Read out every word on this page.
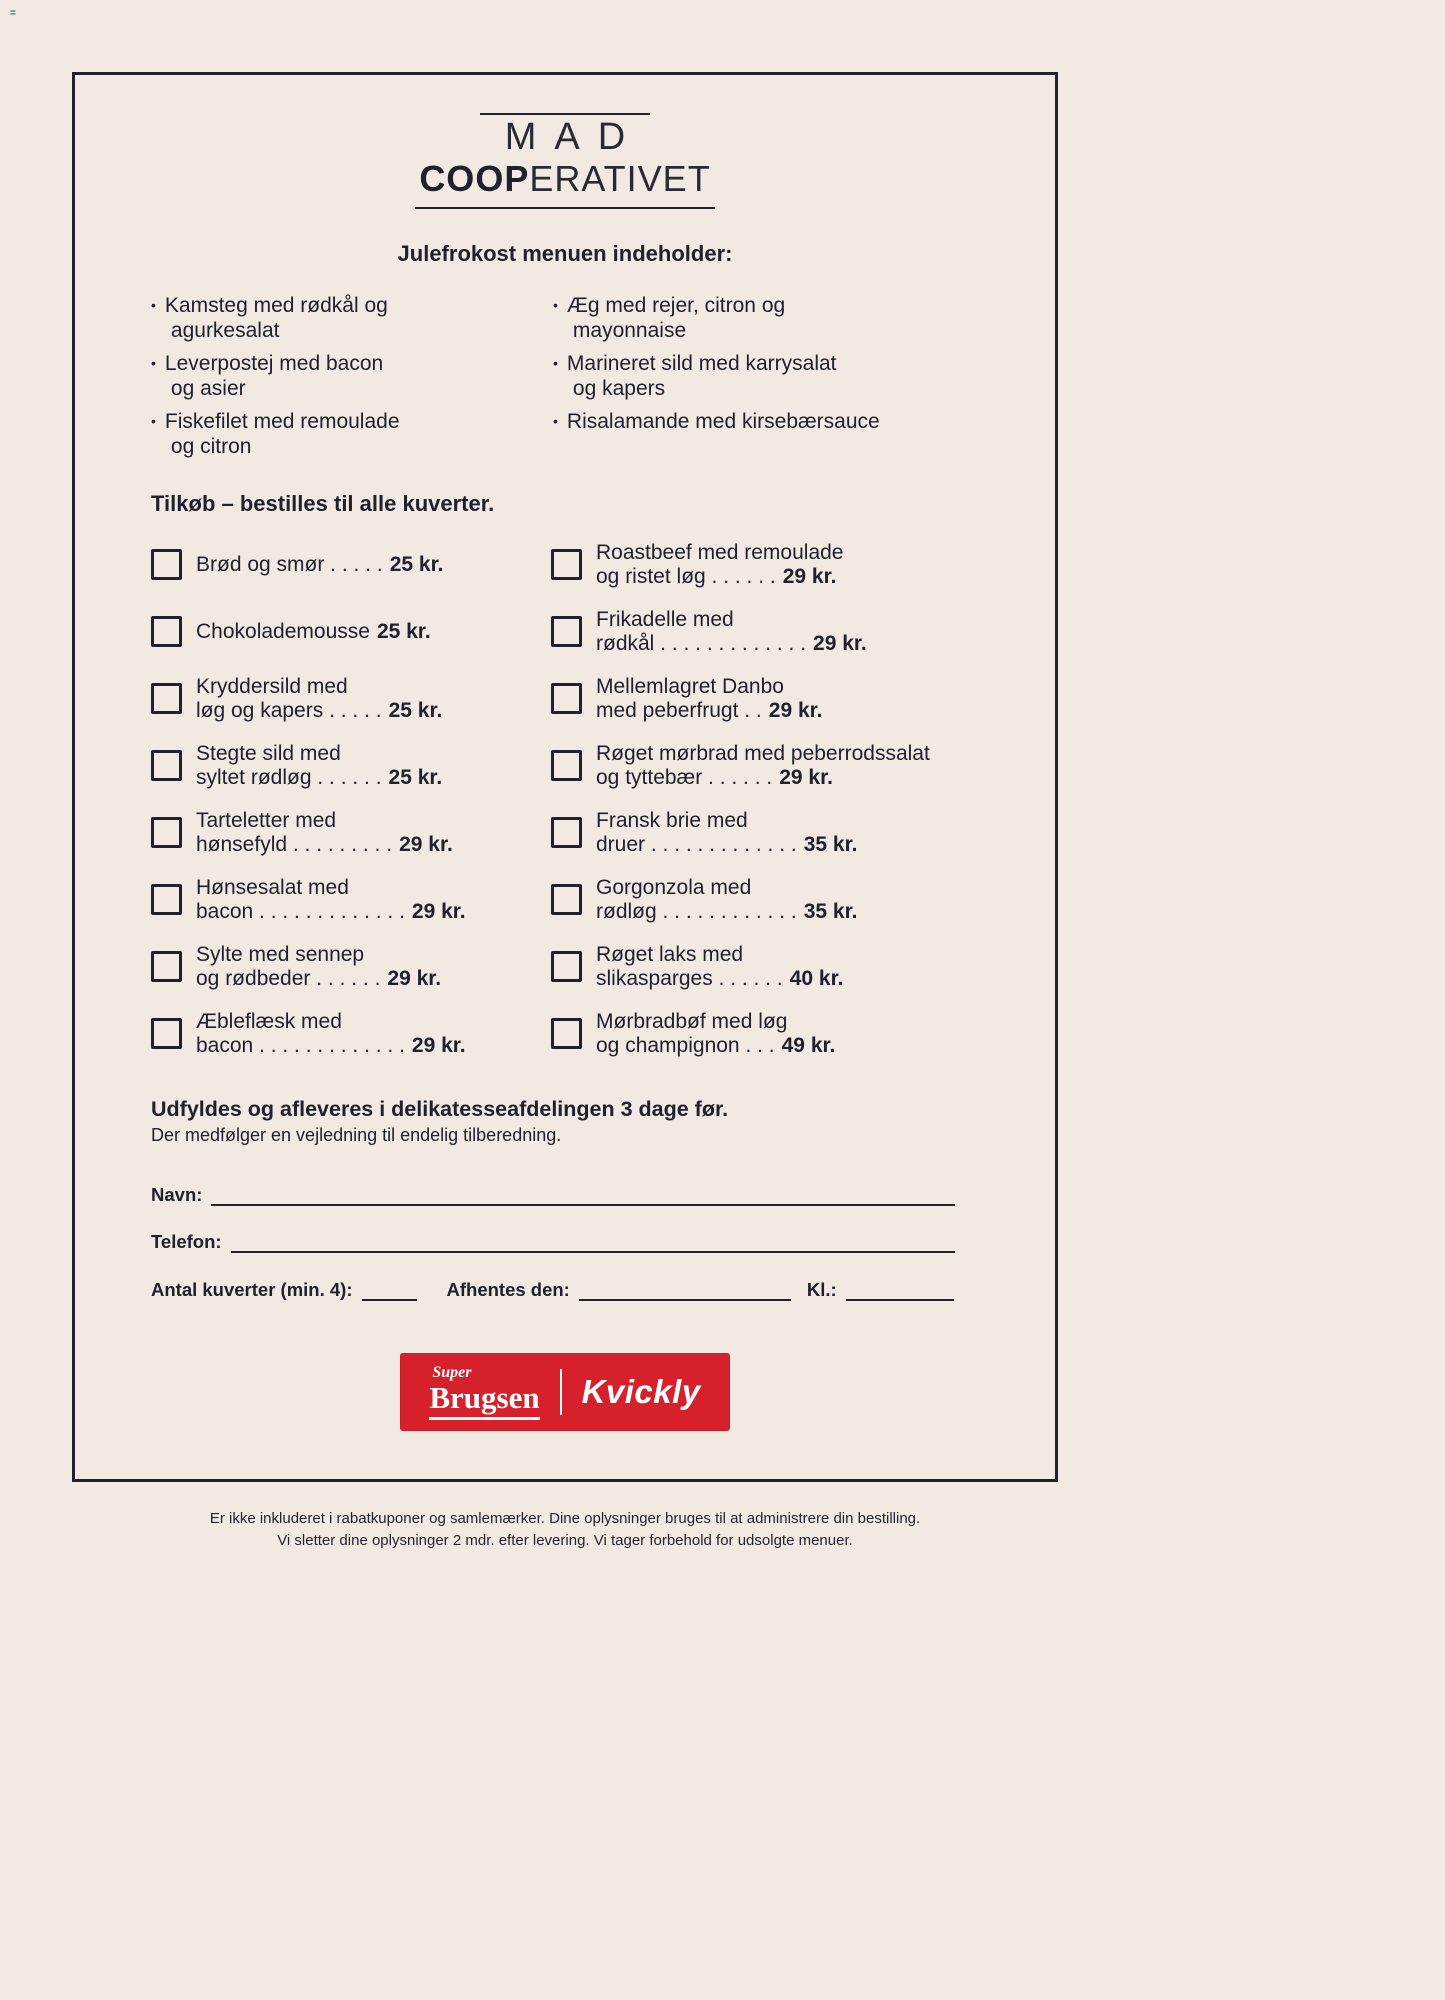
=
MAD
COOPERATIVET
Julefrokost menuen indeholder:
• Kamsteg med rødkål og
agurkesalat
• Æg med rejer, citron og
mayonnaise
• Leverpostej med bacon
og asier
• Marineret sild med karrysalat
og kapers
• Fiskefilet med remoulade
og citron
• Risalamande med kirsebærsauce
Tilkøb – bestilles til alle kuverter.
Brød og smør . . . . . 25 kr.
Roastbeef med remoulade
og ristet løg . . . . . . 29 kr.
Chokolademousse 25 kr.
Frikadelle med
rødkål . . . . . . . . . . . . . 29 kr.
Kryddersild med
løg og kapers . . . . . 25 kr.
Mellemlagret Danbo
med peberfrugt . . 29 kr.
Stegte sild med
syltet rødløg . . . . . . 25 kr.
Røget mørbrad med peberrodssalat
og tyttebær . . . . . . 29 kr.
Tarteletter med
hønsefyld . . . . . . . . . 29 kr.
Fransk brie med
druer . . . . . . . . . . . . . 35 kr.
Hønsesalat med
bacon . . . . . . . . . . . . . 29 kr.
Gorgonzola med
rødløg . . . . . . . . . . . . 35 kr.
Sylte med sennep
og rødbeder . . . . . . 29 kr.
Røget laks med
slikasparges . . . . . . 40 kr.
Æbleflæsk med
bacon . . . . . . . . . . . . . 29 kr.
Mørbradbøf med løg
og champignon . . . 49 kr.
Udfyldes og afleveres i delikatesseafdelingen 3 dage før.
Der medfølger en vejledning til endelig tilberedning.
Navn:
Telefon:
Antal kuverter (min. 4):	Afhentes den:	Kl.:
Super
Brugsen Kvickly
Er ikke inkluderet i rabatkuponer og samlemærker. Dine oplysninger bruges til at administrere din bestilling.
Vi sletter dine oplysninger 2 mdr. efter levering. Vi tager forbehold for udsolgte menuer.
